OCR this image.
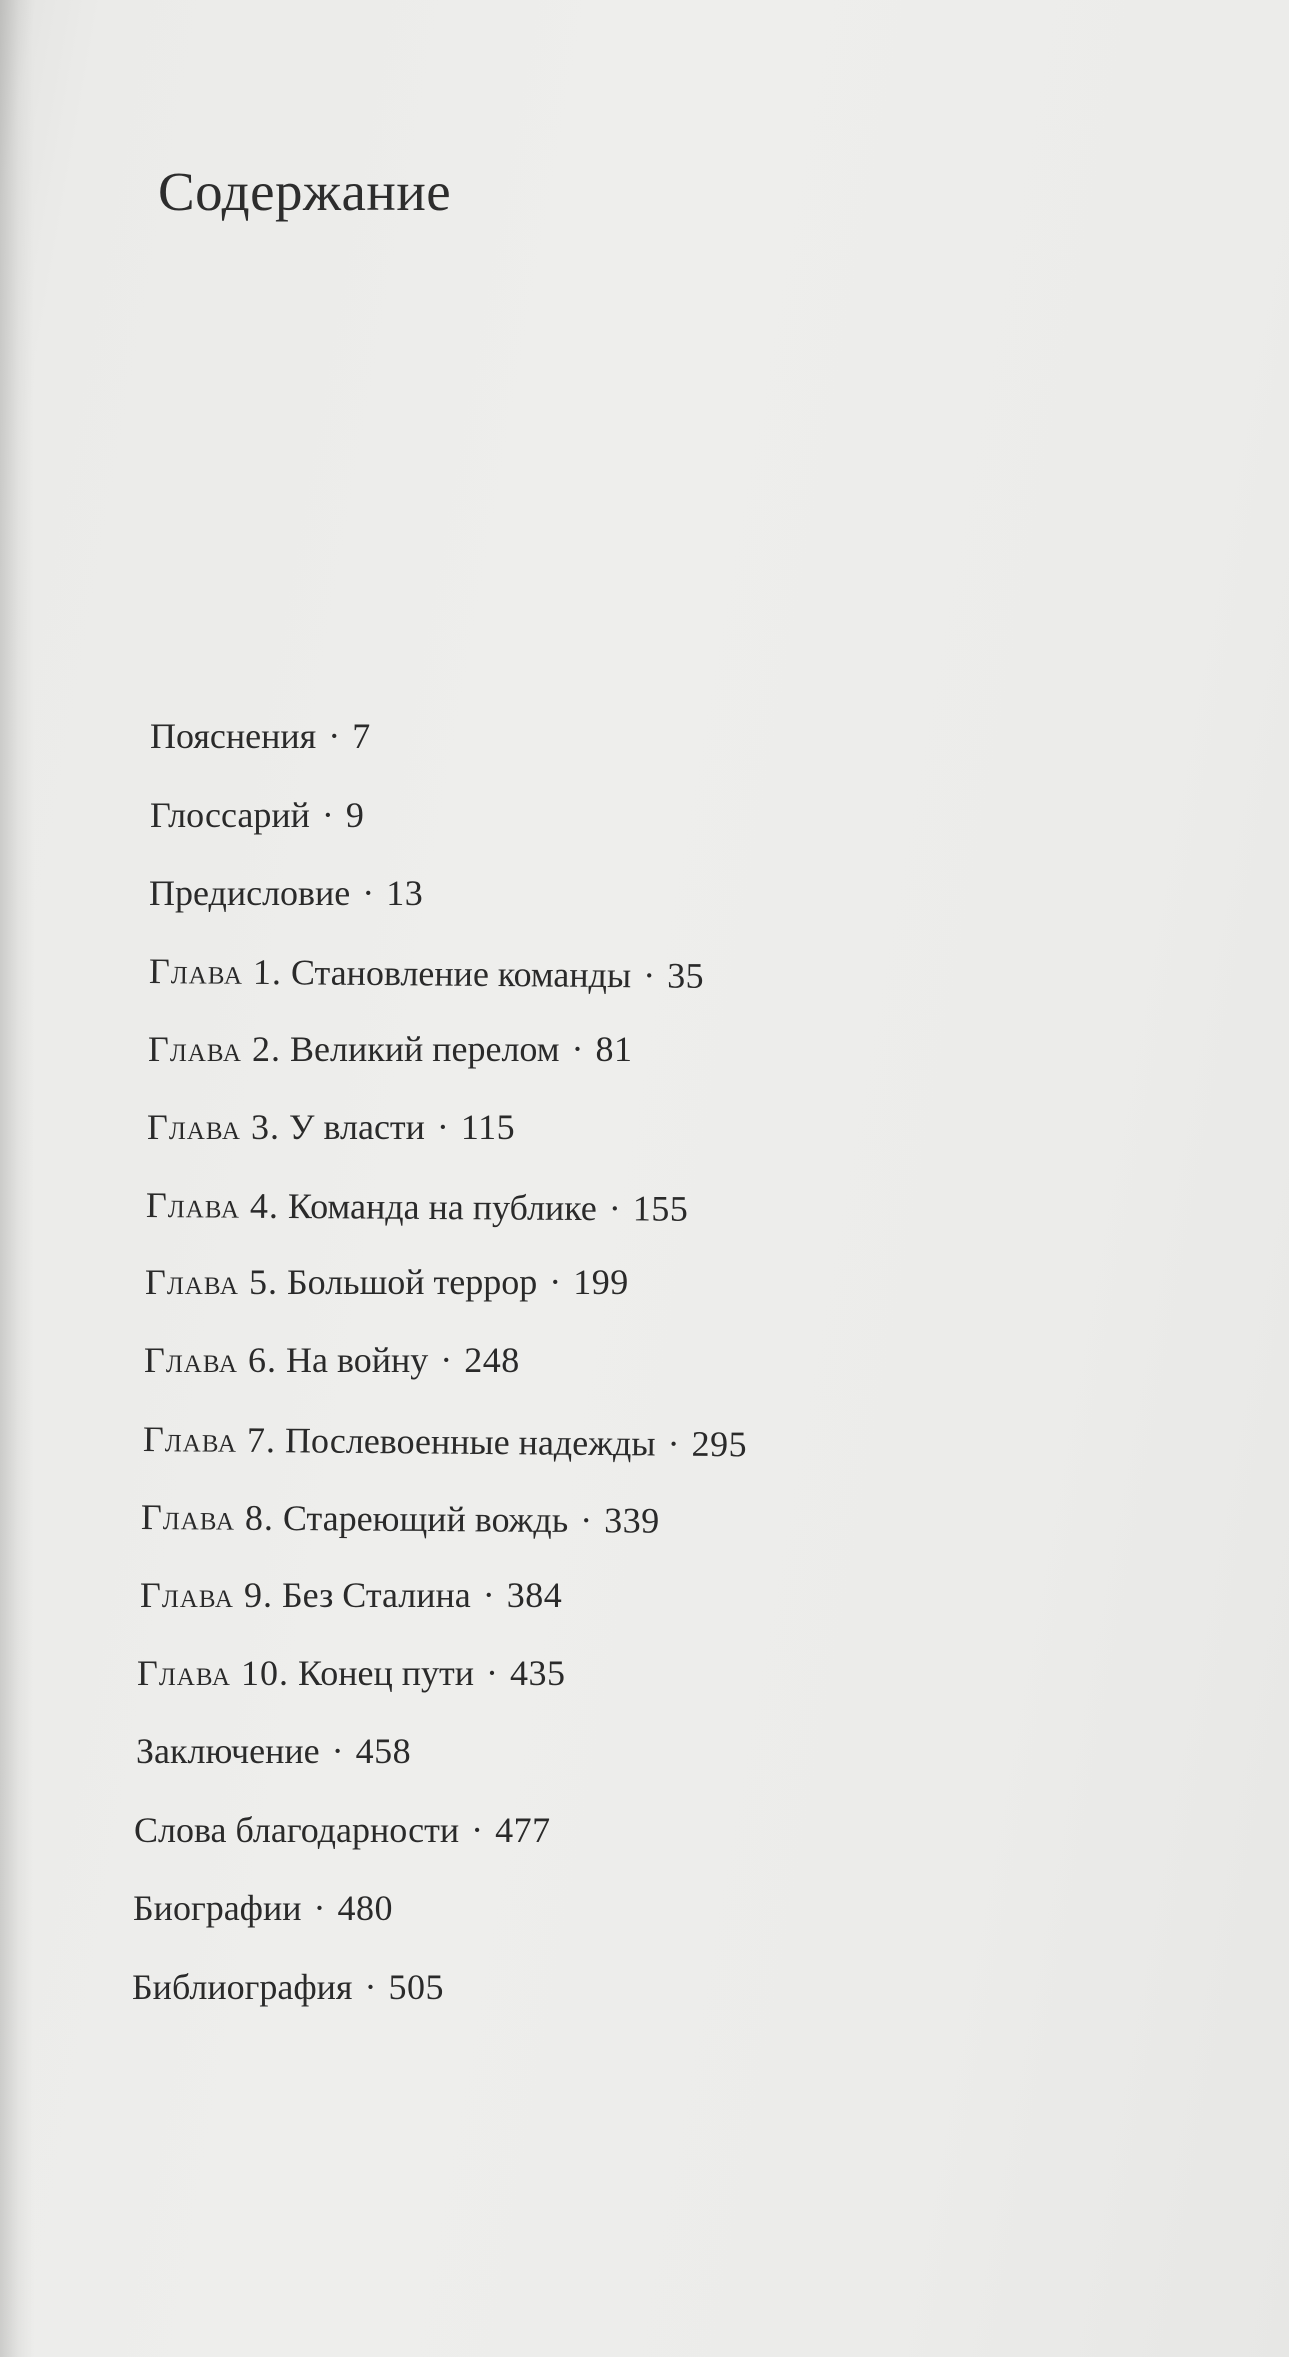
Содержание
Пояснения · 7
Глоссарий · 9
Предисловие · 13
Глава 1. Становление команды · 35
Глава 2. Великий перелом · 81
Глава 3. У власти · 115
Глава 4. Команда на публике · 155
Глава 5. Большой террор · 199
Глава 6. На войну · 248
Глава 7. Послевоенные надежды · 295
Глава 8. Стареющий вождь · 339
Глава 9. Без Сталина · 384
Глава 10. Конец пути · 435
Заключение · 458
Слова благодарности · 477
Биографии · 480
Библиография · 505
